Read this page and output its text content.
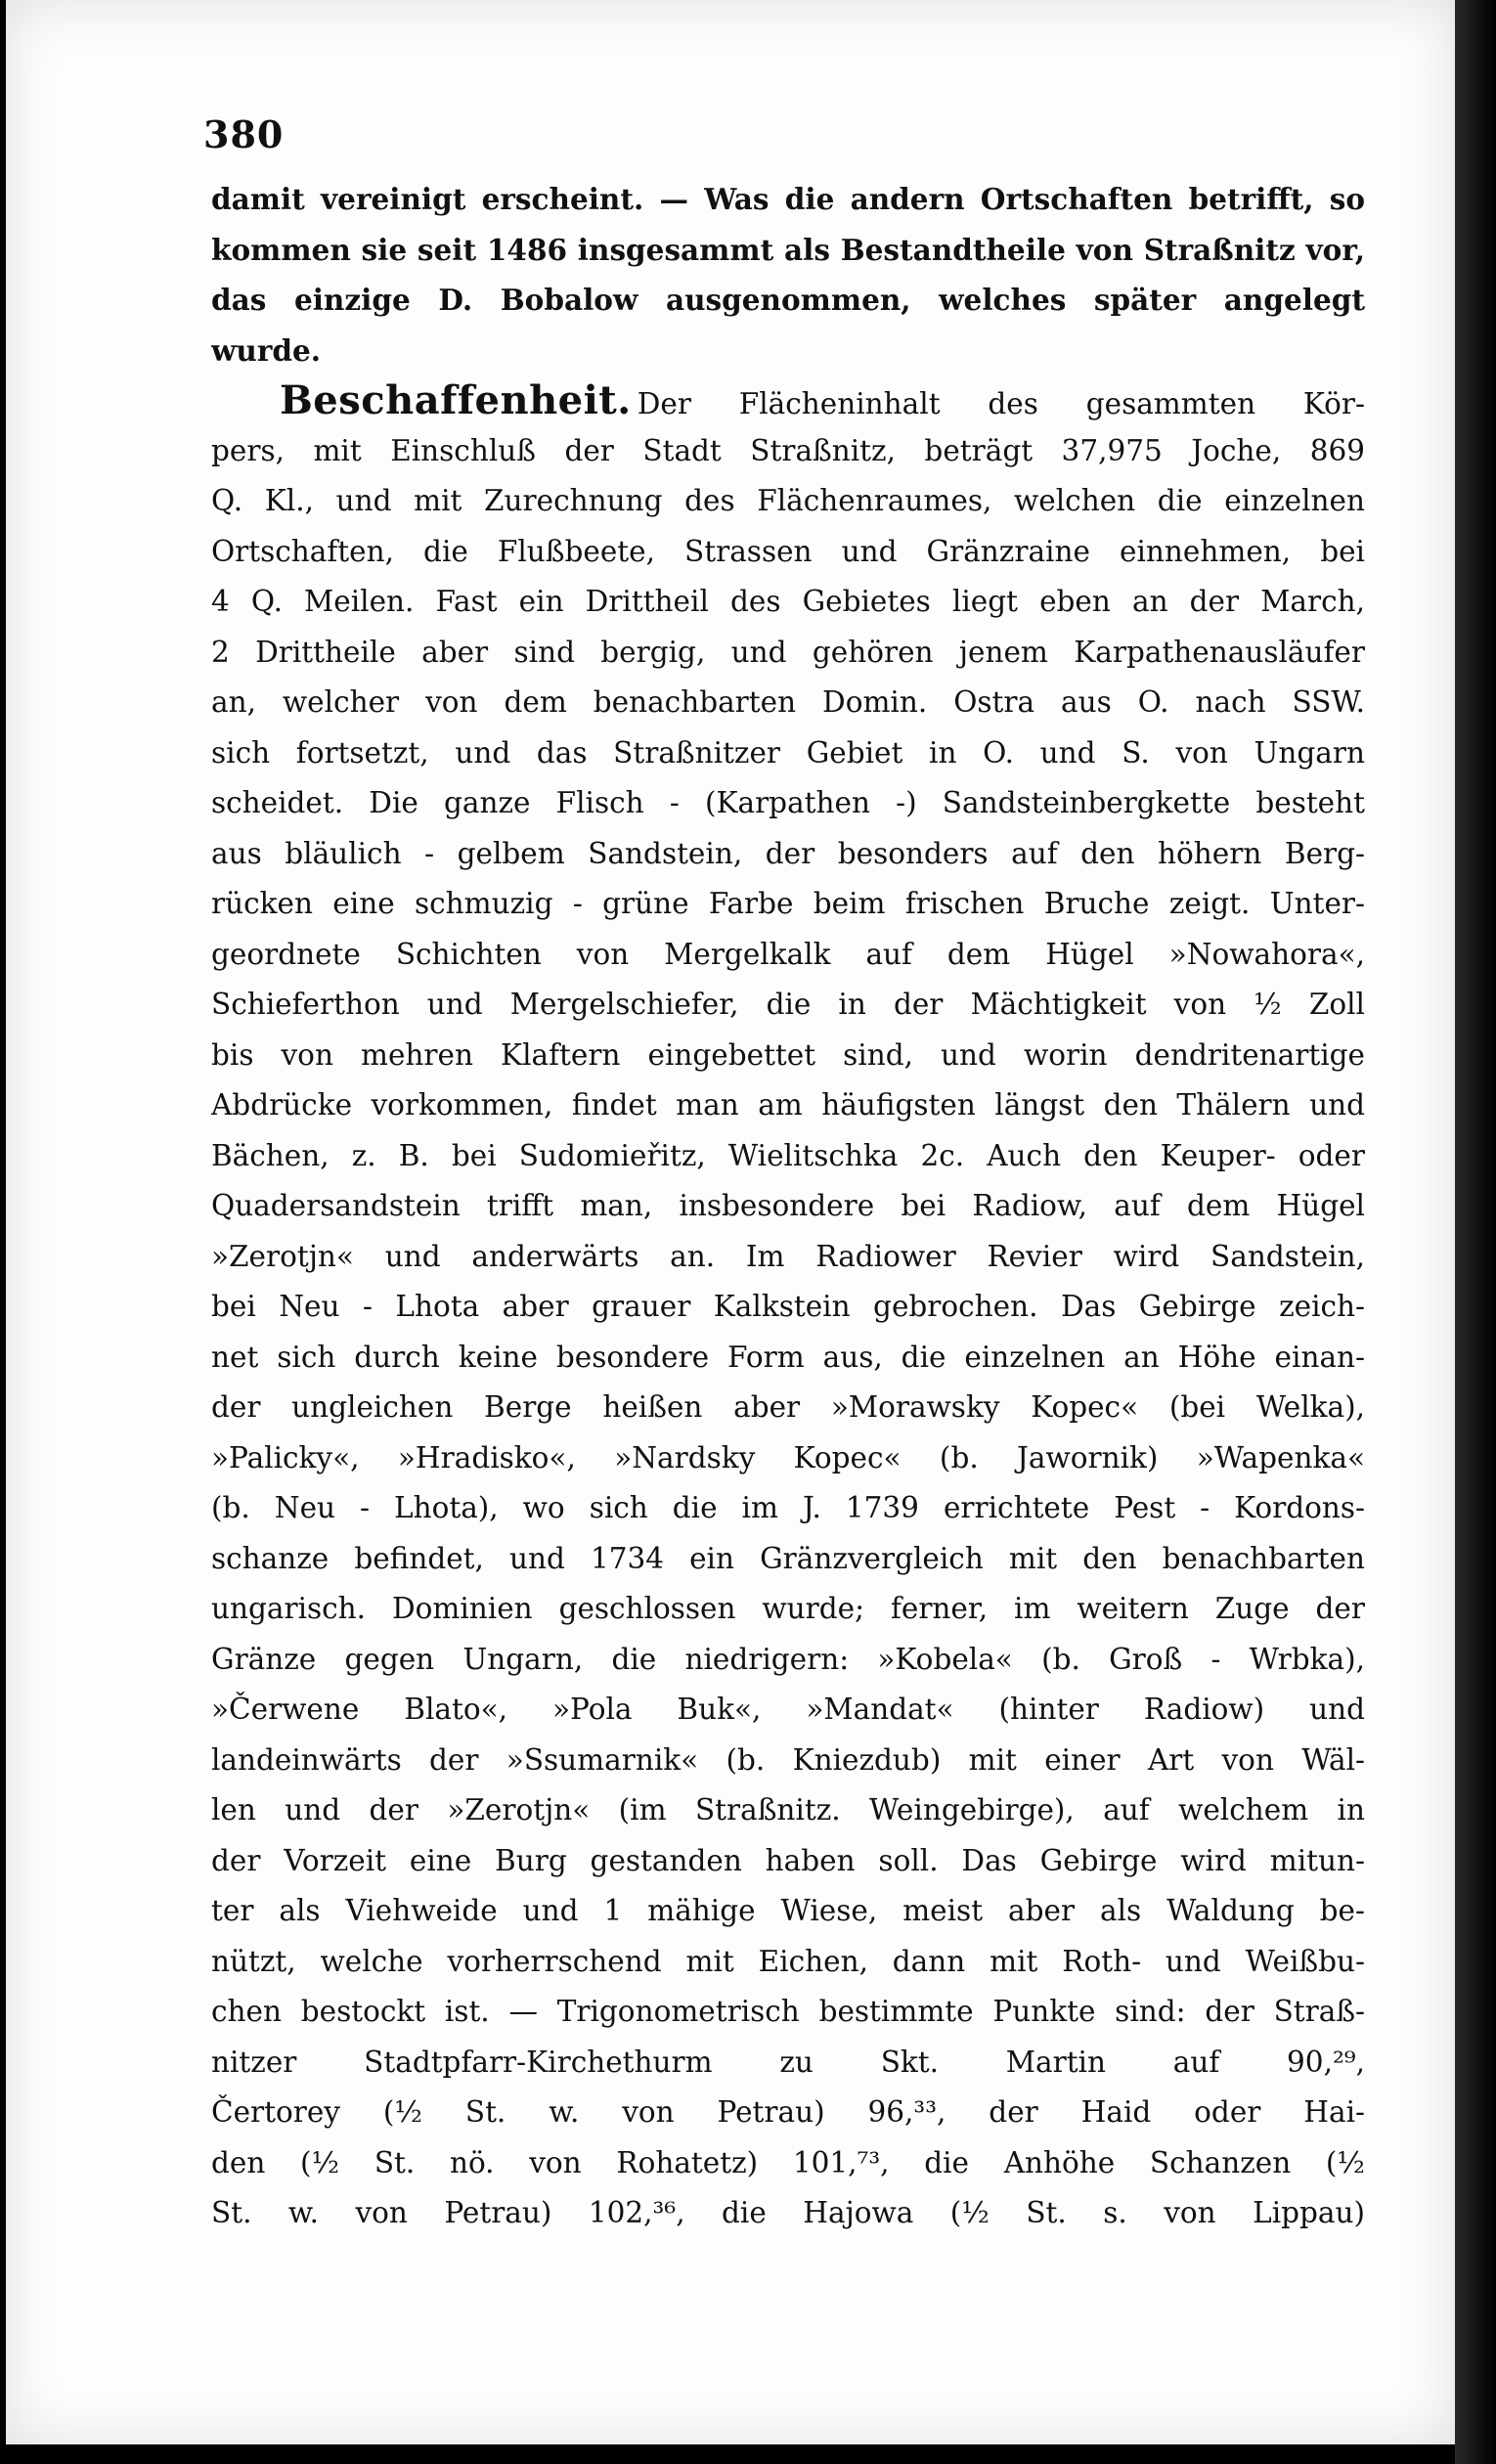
380
damit vereinigt erscheint. — Was die andern Ortschaften betrifft, so
kommen sie seit 1486 insgesammt als Bestandtheile von Straßnitz vor,
das einzige D. Bobalow ausgenommen, welches später angelegt
wurde.
Beschaffenheit. Der Flächeninhalt des gesammten Kör-
pers, mit Einschluß der Stadt Straßnitz, beträgt 37,975 Joche, 869
Q. Kl., und mit Zurechnung des Flächenraumes, welchen die einzelnen
Ortschaften, die Flußbeete, Strassen und Gränzraine einnehmen, bei
4 Q. Meilen. Fast ein Drittheil des Gebietes liegt eben an der March,
2 Drittheile aber sind bergig, und gehören jenem Karpathenausläufer
an, welcher von dem benachbarten Domin. Ostra aus O. nach SSW.
sich fortsetzt, und das Straßnitzer Gebiet in O. und S. von Ungarn
scheidet. Die ganze Flisch - (Karpathen -) Sandsteinbergkette besteht
aus bläulich - gelbem Sandstein, der besonders auf den höhern Berg-
rücken eine schmuzig - grüne Farbe beim frischen Bruche zeigt. Unter-
geordnete Schichten von Mergelkalk auf dem Hügel »Nowahora«,
Schieferthon und Mergelschiefer, die in der Mächtigkeit von ½ Zoll
bis von mehren Klaftern eingebettet sind, und worin dendritenartige
Abdrücke vorkommen, findet man am häufigsten längst den Thälern und
Bächen, z. B. bei Sudomieřitz, Wielitschka 2c. Auch den Keuper- oder
Quadersandstein trifft man, insbesondere bei Radiow, auf dem Hügel
»Zerotjn« und anderwärts an. Im Radiower Revier wird Sandstein,
bei Neu - Lhota aber grauer Kalkstein gebrochen. Das Gebirge zeich-
net sich durch keine besondere Form aus, die einzelnen an Höhe einan-
der ungleichen Berge heißen aber »Morawsky Kopec« (bei Welka),
»Palicky«, »Hradisko«, »Nardsky Kopec« (b. Jawornik) »Wapenka«
(b. Neu - Lhota), wo sich die im J. 1739 errichtete Pest - Kordons-
schanze befindet, und 1734 ein Gränzvergleich mit den benachbarten
ungarisch. Dominien geschlossen wurde; ferner, im weitern Zuge der
Gränze gegen Ungarn, die niedrigern: »Kobela« (b. Groß - Wrbka),
»Čerwene Blato«, »Pola Buk«, »Mandat« (hinter Radiow) und
landeinwärts der »Ssumarnik« (b. Kniezdub) mit einer Art von Wäl-
len und der »Zerotjn« (im Straßnitz. Weingebirge), auf welchem in
der Vorzeit eine Burg gestanden haben soll. Das Gebirge wird mitun-
ter als Viehweide und 1 mähige Wiese, meist aber als Waldung be-
nützt, welche vorherrschend mit Eichen, dann mit Roth- und Weißbu-
chen bestockt ist. — Trigonometrisch bestimmte Punkte sind: der Straß-
nitzer Stadtpfarr-Kirchethurm zu Skt. Martin auf 90,²⁹,
Čertorey (½ St. w. von Petrau) 96,³³, der Haid oder Hai-
den (½ St. nö. von Rohatetz) 101,⁷³, die Anhöhe Schanzen (½
St. w. von Petrau) 102,³⁶, die Hajowa (½ St. s. von Lippau)
